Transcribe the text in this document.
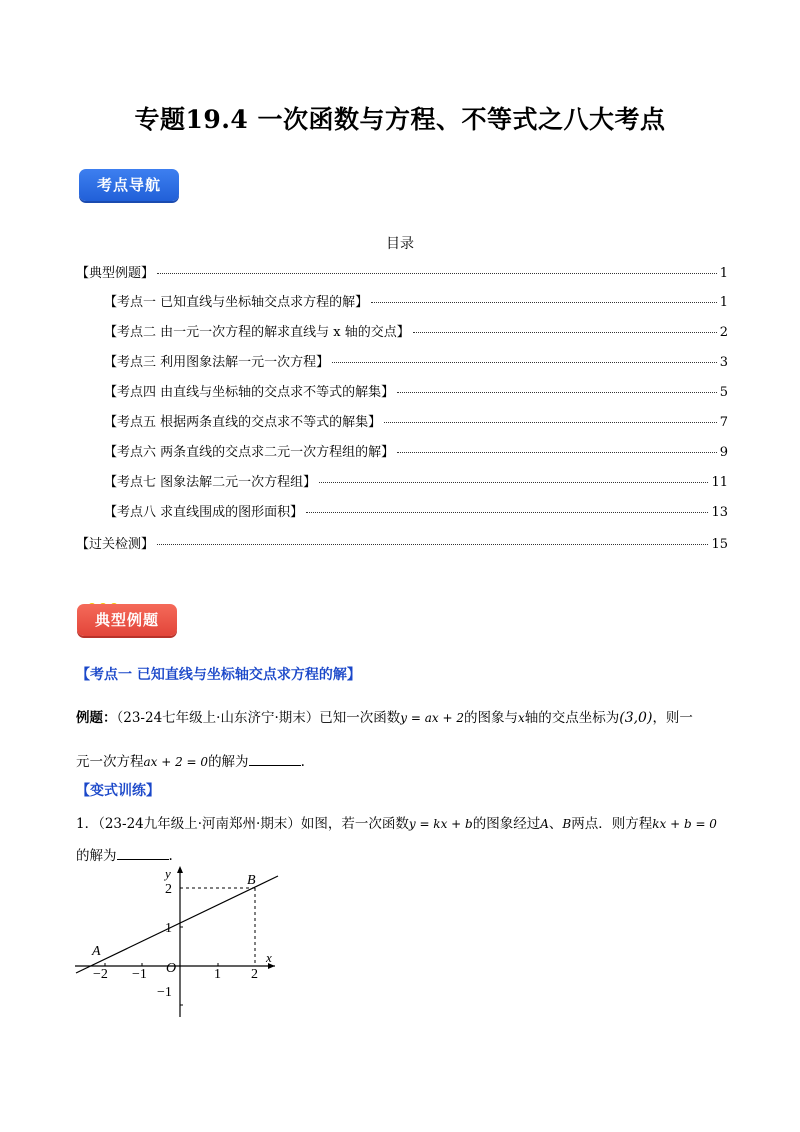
专题19.4 一次函数与方程、不等式之八大考点
考点导航
目录
【典型例题】	1
【考点一 已知直线与坐标轴交点求方程的解】	1
【考点二 由一元一次方程的解求直线与 x 轴的交点】	2
【考点三 利用图象法解一元一次方程】	3
【考点四 由直线与坐标轴的交点求不等式的解集】	5
【考点五 根据两条直线的交点求不等式的解集】	7
【考点六 两条直线的交点求二元一次方程组的解】	9
【考点七 图象法解二元一次方程组】	11
【考点八 求直线围成的图形面积】	13
【过关检测】	15
典型例题
【考点一 已知直线与坐标轴交点求方程的解】
例题：（23-24七年级上·山东济宁·期末）已知一次函数y = ax + 2的图象与x轴的交点坐标为(3,0)，则一
元一次方程ax + 2 = 0的解为	.
【变式训练】
1．（23-24九年级上·河南郑州·期末）如图，若一次函数y = kx + b的图象经过A、B两点．则方程kx + b = 0
的解为	.
A
B
y
x
O
−2 −1	1 2
2
1
−1
